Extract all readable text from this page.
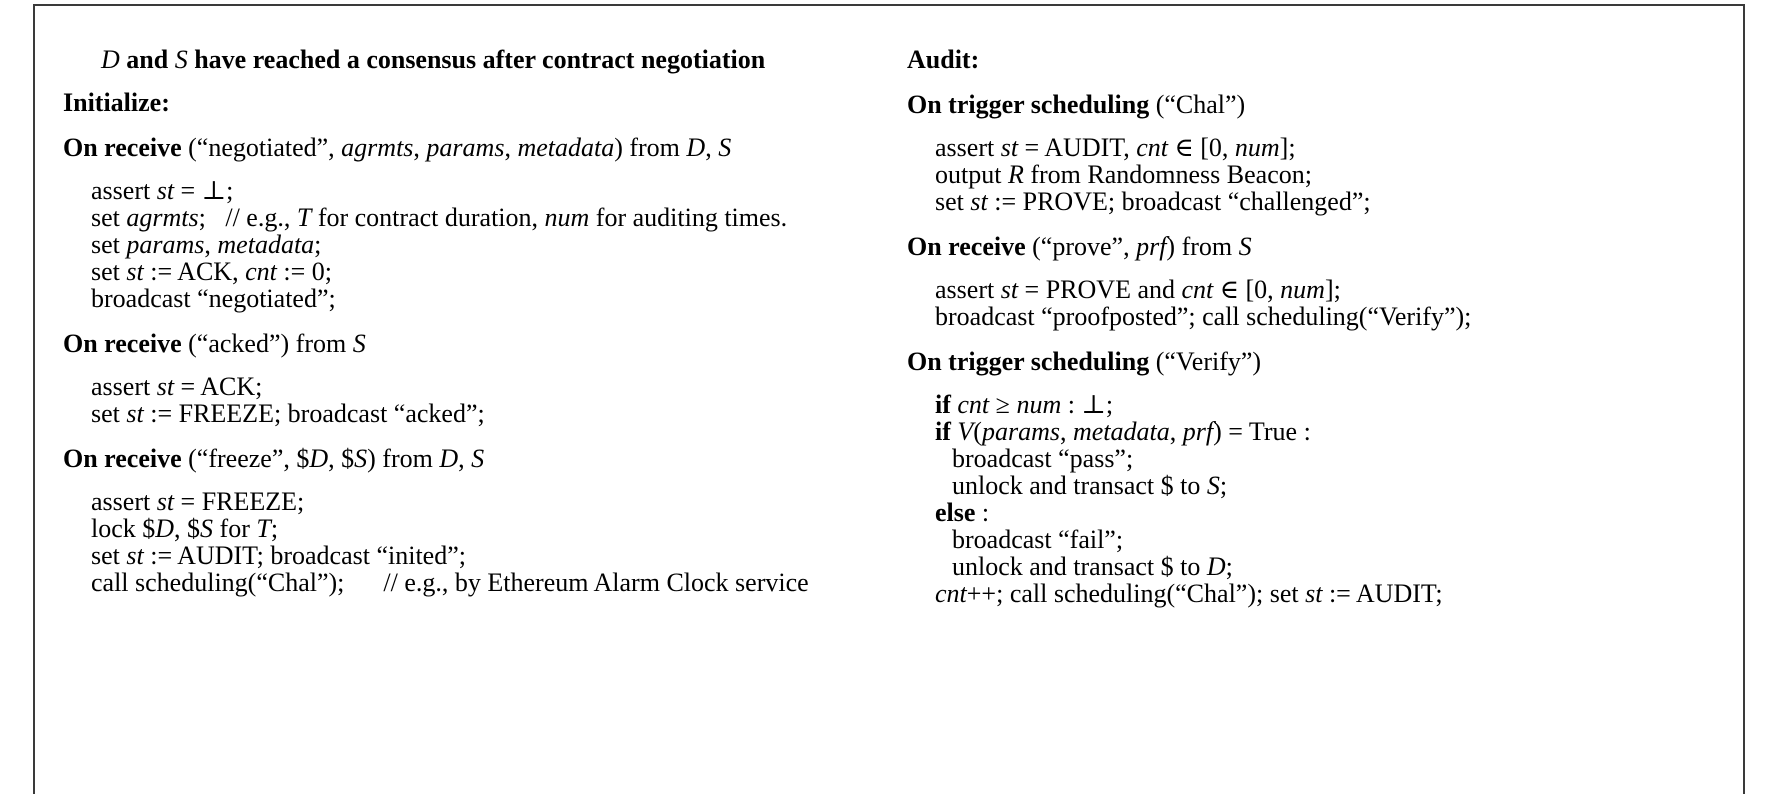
D and S have reached a consensus after contract negotiation
Initialize:
On receive (“negotiated”, agrmts, params, metadata) from D, S
assert st = ⊥;
set agrmts;   // e.g., T for contract duration, num for auditing times.
set params, metadata;
set st := ACK, cnt := 0;
broadcast “negotiated”;
On receive (“acked”) from S
assert st = ACK;
set st := FREEZE; broadcast “acked”;
On receive (“freeze”, $D, $S) from D, S
assert st = FREEZE;
lock $D, $S for T;
set st := AUDIT; broadcast “inited”;
call scheduling(“Chal”);      // e.g., by Ethereum Alarm Clock service
Audit:
On trigger scheduling (“Chal”)
assert st = AUDIT, cnt ∈ [0, num];
output R from Randomness Beacon;
set st := PROVE; broadcast “challenged”;
On receive (“prove”, prf) from S
assert st = PROVE and cnt ∈ [0, num];
broadcast “proofposted”; call scheduling(“Verify”);
On trigger scheduling (“Verify”)
if cnt ≥ num : ⊥;
if V(params, metadata, prf) = True :
broadcast “pass”;
unlock and transact $ to S;
else :
broadcast “fail”;
unlock and transact $ to D;
cnt++; call scheduling(“Chal”); set st := AUDIT;
